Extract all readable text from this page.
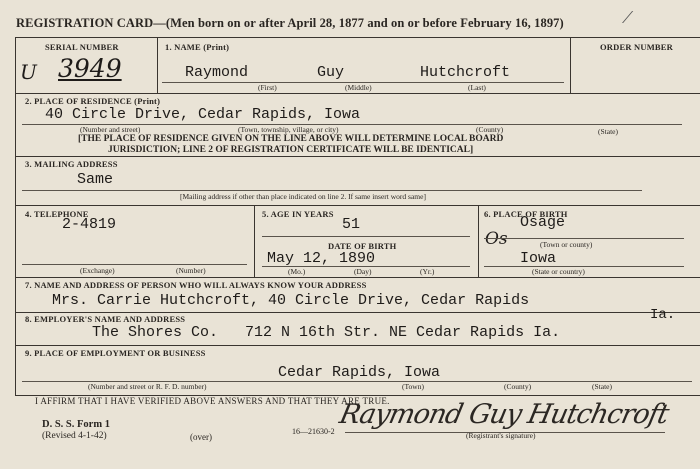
REGISTRATION CARD—(Men born on or after April 28, 1877 and on or before February 16, 1897)	⟋
SERIAL NUMBER
U 3949
1. NAME (Print)
Raymond	Guy	Hutchcroft
(First)	(Middle)	(Last)
ORDER NUMBER
2. PLACE OF RESIDENCE (Print)
40 Circle Drive, Cedar Rapids, Iowa
(Number and street)	(Town, township, village, or city)	(County)	(State)
[THE PLACE OF RESIDENCE GIVEN ON THE LINE ABOVE WILL DETERMINE LOCAL BOARD
JURISDICTION; LINE 2 OF REGISTRATION CERTIFICATE WILL BE IDENTICAL]
3. MAILING ADDRESS
Same
[Mailing address if other than place indicated on line 2. If same insert word same]
4. TELEPHONE
2-4819
(Exchange)	(Number)
5. AGE IN YEARS
51
DATE OF BIRTH
May 12, 1890
(Mo.)	(Day)	(Yr.)
6. PLACE OF BIRTH
Osage
Os	(Town or county)
Iowa
(State or country)
7. NAME AND ADDRESS OF PERSON WHO WILL ALWAYS KNOW YOUR ADDRESS
Mrs. Carrie Hutchcroft, 40 Circle Drive, Cedar Rapids
Ia.
8. EMPLOYER'S NAME AND ADDRESS
The Shores Co.   712 N 16th Str. NE Cedar Rapids Ia.
9. PLACE OF EMPLOYMENT OR BUSINESS
Cedar Rapids, Iowa
(Number and street or R. F. D. number)	(Town)	(County)	(State)
I AFFIRM THAT I HAVE VERIFIED ABOVE ANSWERS AND THAT THEY ARE TRUE.
D. S. S. Form 1
(Revised 4-1-42)	(over)
16—21630-2
Raymond Guy Hutchcroft
(Registrant's signature)
